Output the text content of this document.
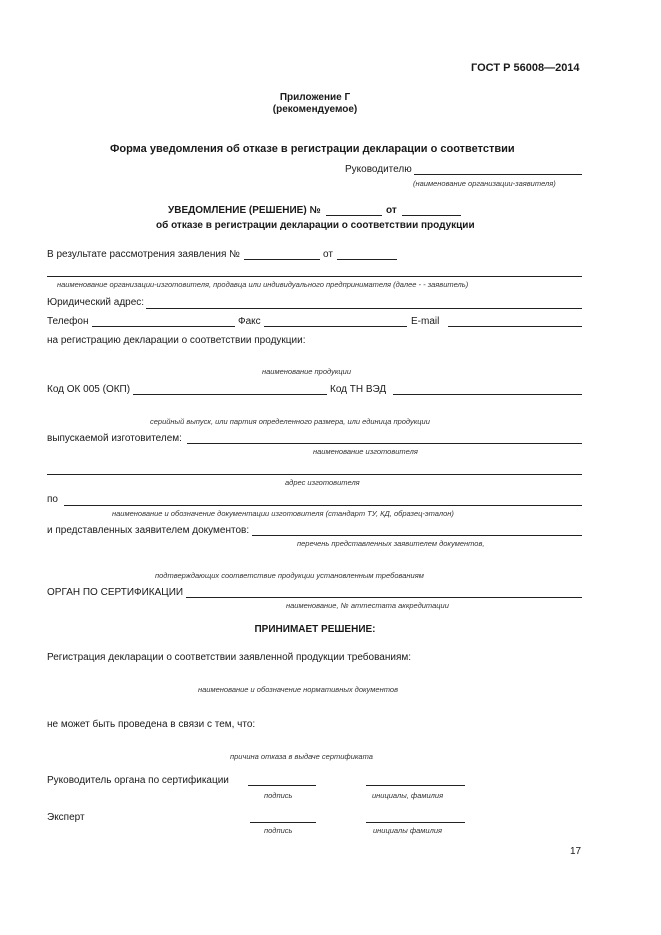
ГОСТ Р 56008—2014
Приложение Г
(рекомендуемое)
Форма уведомления об отказе в регистрации декларации о соответствии
Руководителю
(наименование организации-заявителя)
УВЕДОМЛЕНИЕ (РЕШЕНИЕ) №	от
об отказе в регистрации декларации о соответствии продукции
В результате рассмотрения заявления №	от
наименование организации-изготовителя, продавца или индивидуального предпринимателя (далее - - заявитель)
Юридический адрес:
Телефон	Факс	E-mail
на регистрацию декларации о соответствии продукции:
наименование продукции
Код ОК 005 (ОКП)	Код ТН ВЭД
серийный выпуск, или партия определенного размера, или единица продукции
выпускаемой изготовителем:
наименование изготовителя
адрес изготовителя
по
наименование и обозначение документации изготовителя (стандарт ТУ, КД, образец-эталон)
и представленных заявителем документов:
перечень представленных заявителем документов,
подтверждающих соответствие продукции установленным требованиям
ОРГАН ПО СЕРТИФИКАЦИИ
наименование, № аттестата аккредитации
ПРИНИМАЕТ РЕШЕНИЕ:
Регистрация декларации о соответствии заявленной продукции требованиям:
наименование и обозначение нормативных документов
не может быть проведена в связи с тем, что:
причина отказа в выдаче сертификата
Руководитель органа по сертификации
подпись	инициалы, фамилия
Эксперт
подпись	инициалы фамилия
17
